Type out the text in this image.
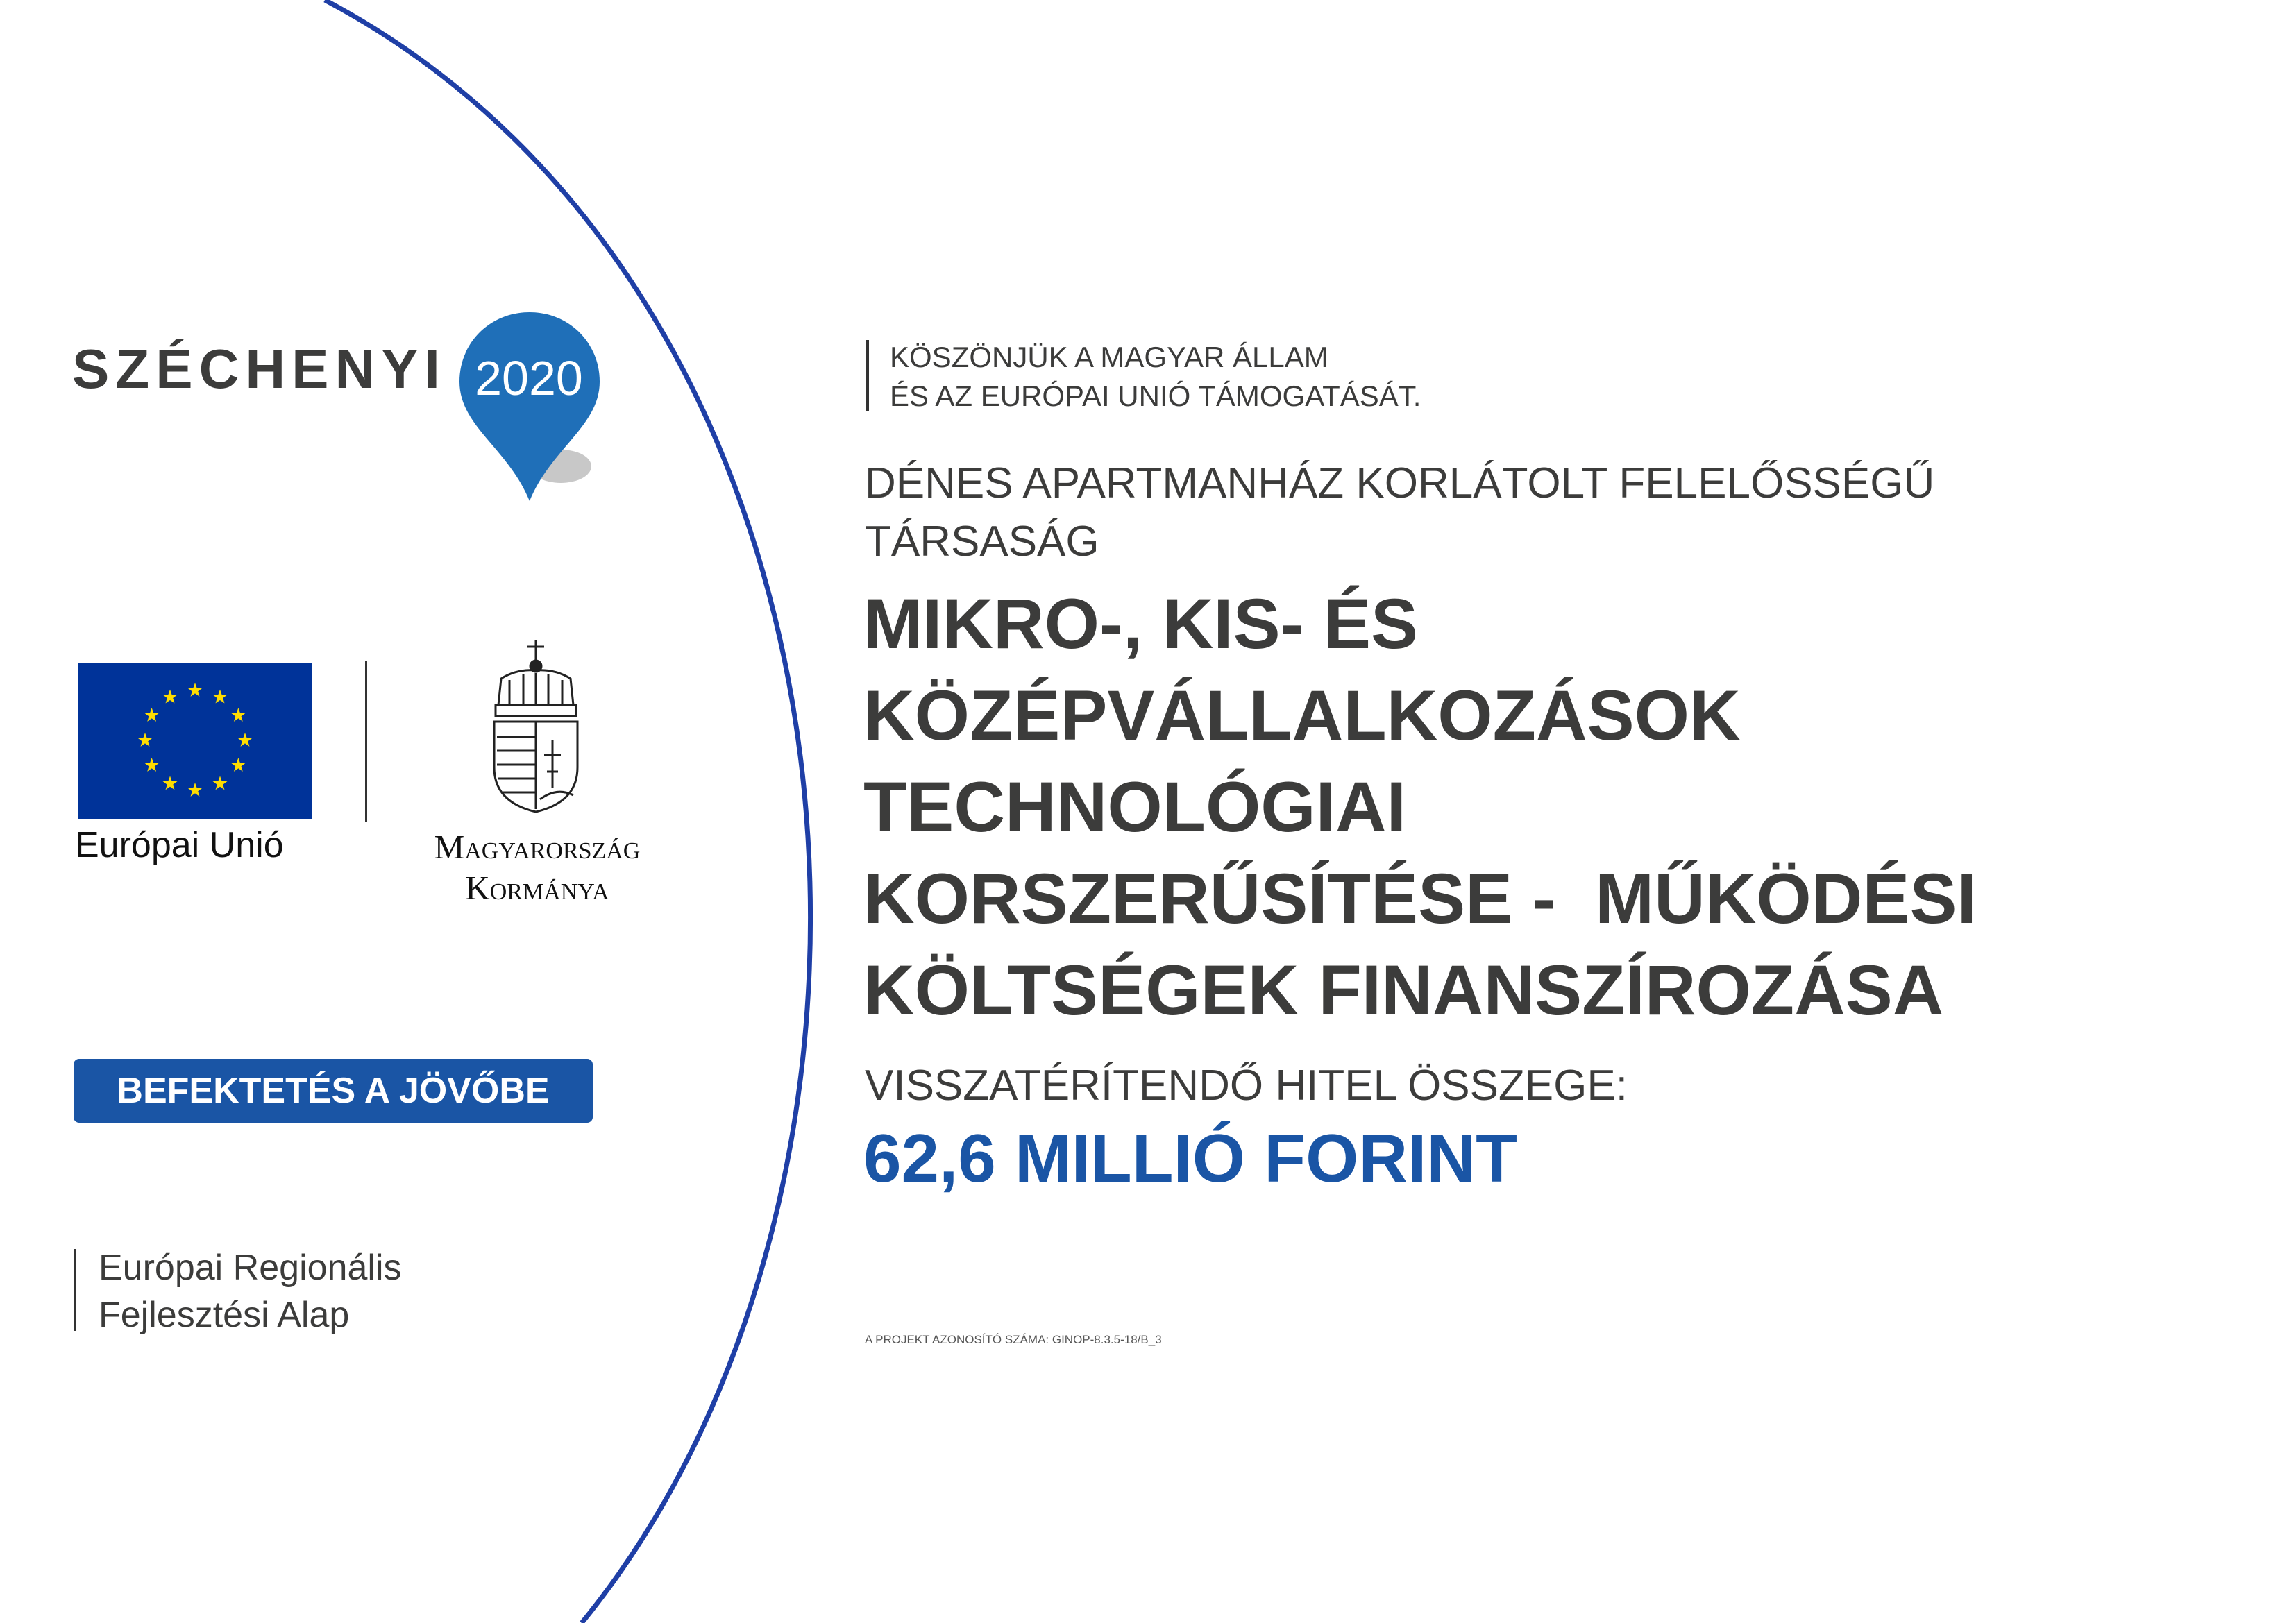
SZÉCHENYI 2020
Európai Unió	Magyarország
Kormánya
BEFEKTETÉS A JÖVŐBE
Európai Regionális
Fejlesztési Alap
KÖSZÖNJÜK A MAGYAR ÁLLAM
ÉS AZ EURÓPAI UNIÓ TÁMOGATÁSÁT.
DÉNES APARTMANHÁZ KORLÁTOLT FELELŐSSÉGŰ
TÁRSASÁG
MIKRO-, KIS- ÉS
KÖZÉPVÁLLALKOZÁSOK
TECHNOLÓGIAI
KORSZERŰSÍTÉSE -  MŰKÖDÉSI
KÖLTSÉGEK FINANSZÍROZÁSA
VISSZATÉRÍTENDŐ HITEL ÖSSZEGE:
62,6 MILLIÓ FORINT
A PROJEKT AZONOSÍTÓ SZÁMA: GINOP-8.3.5-18/B_3
